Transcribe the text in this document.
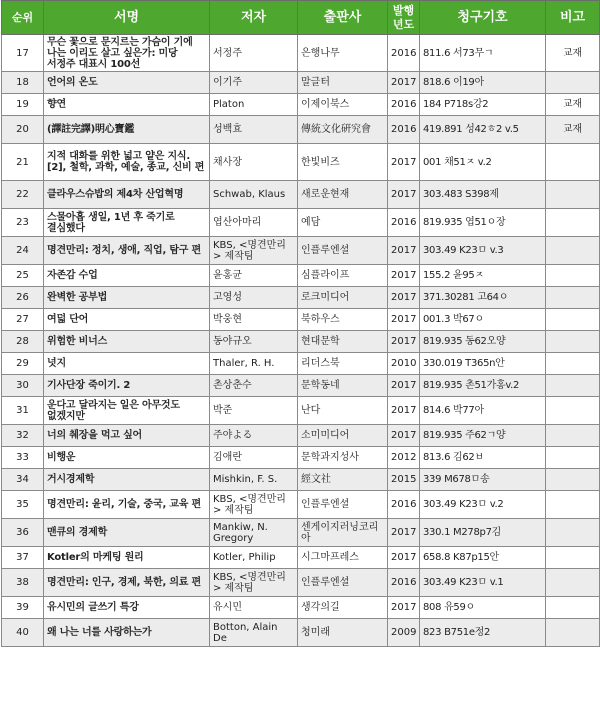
순위	서명	저자	출판사	발행년도	청구기호	비고
17	무슨 꽃으로 문지르는 가슴이 기에 나는 이리도 살고 싶은가: 미당 서정주 대표시 100선	서정주	은행나무	2016	811.6 서73무ㄱ	교재
18	언어의 온도	이기주	말글터	2017	818.6 이19아	
19	향연	Platon	이제이북스	2016	184 P718s강2	교재
20	(譯註完譯)明心寶鑑	성백효	傳統文化硏究會	2016	419.891 성42ㅎ2 v.5	교재
21	지적 대화를 위한 넓고 얕은 지식. [2], 철학, 과학, 예술, 종교, 신비 편	채사장	한빛비즈	2017	001 채51ㅈ v.2	
22	클라우스슈밥의 제4차 산업혁명	Schwab, Klaus	새로운현재	2017	303.483 S398제	
23	스물아홉 생일, 1년 후 죽기로 결심했다	엽산아마리	예담	2016	819.935 엽51ㅇ장	
24	명견만리: 정치, 생애, 직업, 탐구 편	KBS, <명견만리> 제작팀	인플루엔셜	2017	303.49 K23ㅁ v.3	
25	자존감 수업	윤홍균	심플라이프	2017	155.2 윤95ㅈ	
26	완벽한 공부법	고영성	로크미디어	2017	371.30281 고64ㅇ	
27	여덟 단어	박웅현	북하우스	2017	001.3 박67ㅇ	
28	위험한 비너스	동야규오	현대문학	2017	819.935 동62오양	
29	넛지	Thaler, R. H.	리더스북	2010	330.019 T365n안	
30	기사단장 죽이기. 2	촌상춘수	문학동네	2017	819.935 촌51가홍v.2	
31	운다고 달라지는 일은 아무것도 없겠지만	박준	난다	2017	814.6 박77아	
32	너의 췌장을 먹고 싶어	주야よる	소미미디어	2017	819.935 주62ㄱ양	
33	비행운	김애란	문학과지성사	2012	813.6 김62ㅂ	
34	거시경제학	Mishkin, F. S.	經文社	2015	339 M678ㅁ송	
35	명견만리: 윤리, 기술, 중국, 교육 편	KBS, <명견만리> 제작팀	인플루엔셜	2016	303.49 K23ㅁ v.2	
36	맨큐의 경제학	Mankiw, N. Gregory	센게이지러닝코리아	2017	330.1 M278p7김	
37	Kotler의 마케팅 원리	Kotler, Philip	시그마프레스	2017	658.8 K87p15안	
38	명견만리: 인구, 경제, 북한, 의료 편	KBS, <명견만리> 제작팀	인플루엔셜	2016	303.49 K23ㅁ v.1	
39	유시민의 글쓰기 특강	유시민	생각의길	2017	808 유59ㅇ	
40	왜 나는 너를 사랑하는가	Botton, Alain De	청미래	2009	823 B751e정2	
